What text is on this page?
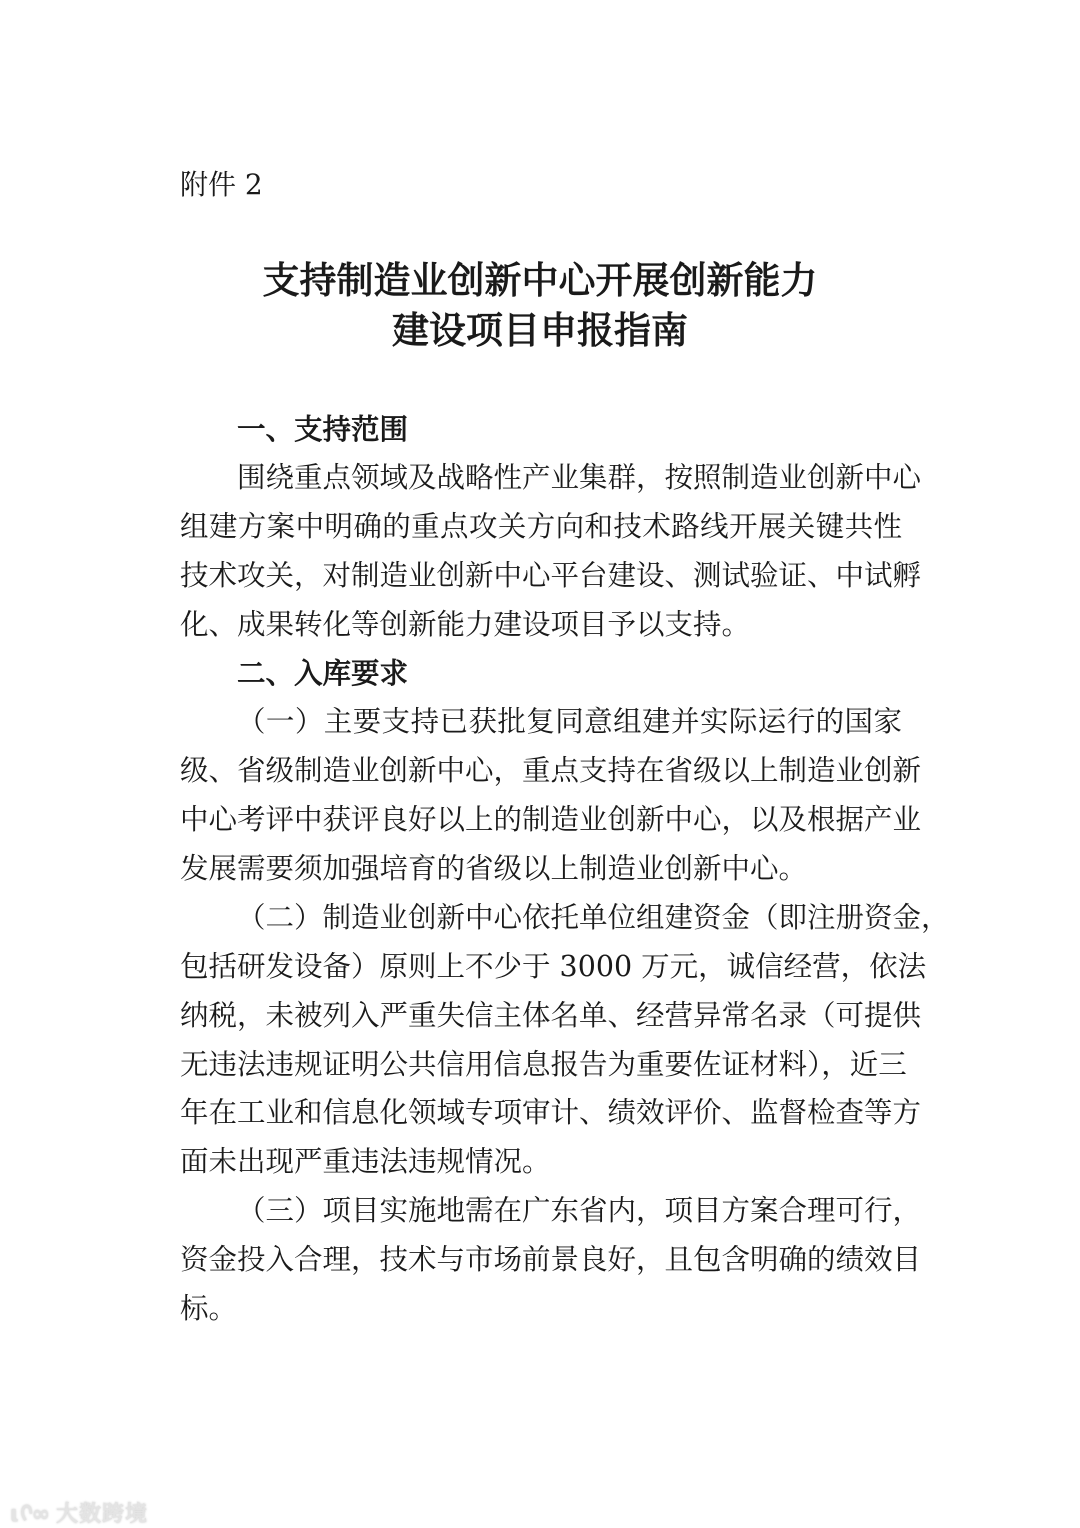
附件 2
支持制造业创新中心开展创新能力
建设项目申报指南
一、支持范围
围绕重点领域及战略性产业集群，按照制造业创新中心
组建方案中明确的重点攻关方向和技术路线开展关键共性
技术攻关，对制造业创新中心平台建设、测试验证、中试孵
化、成果转化等创新能力建设项目予以支持。
二、入库要求
（一）主要支持已获批复同意组建并实际运行的国家
级、省级制造业创新中心，重点支持在省级以上制造业创新
中心考评中获评良好以上的制造业创新中心，以及根据产业
发展需要须加强培育的省级以上制造业创新中心。
（二）制造业创新中心依托单位组建资金（即注册资金，
包括研发设备）原则上不少于 3000 万元，诚信经营，依法
纳税，未被列入严重失信主体名单、经营异常名录（可提供
无违法违规证明公共信用信息报告为重要佐证材料），近三
年在工业和信息化领域专项审计、绩效评价、监督检查等方
面未出现严重违法违规情况。
（三）项目实施地需在广东省内，项目方案合理可行，
资金投入合理，技术与市场前景良好，且包含明确的绩效目
标。
ιᢉ∞ 大数跨境
